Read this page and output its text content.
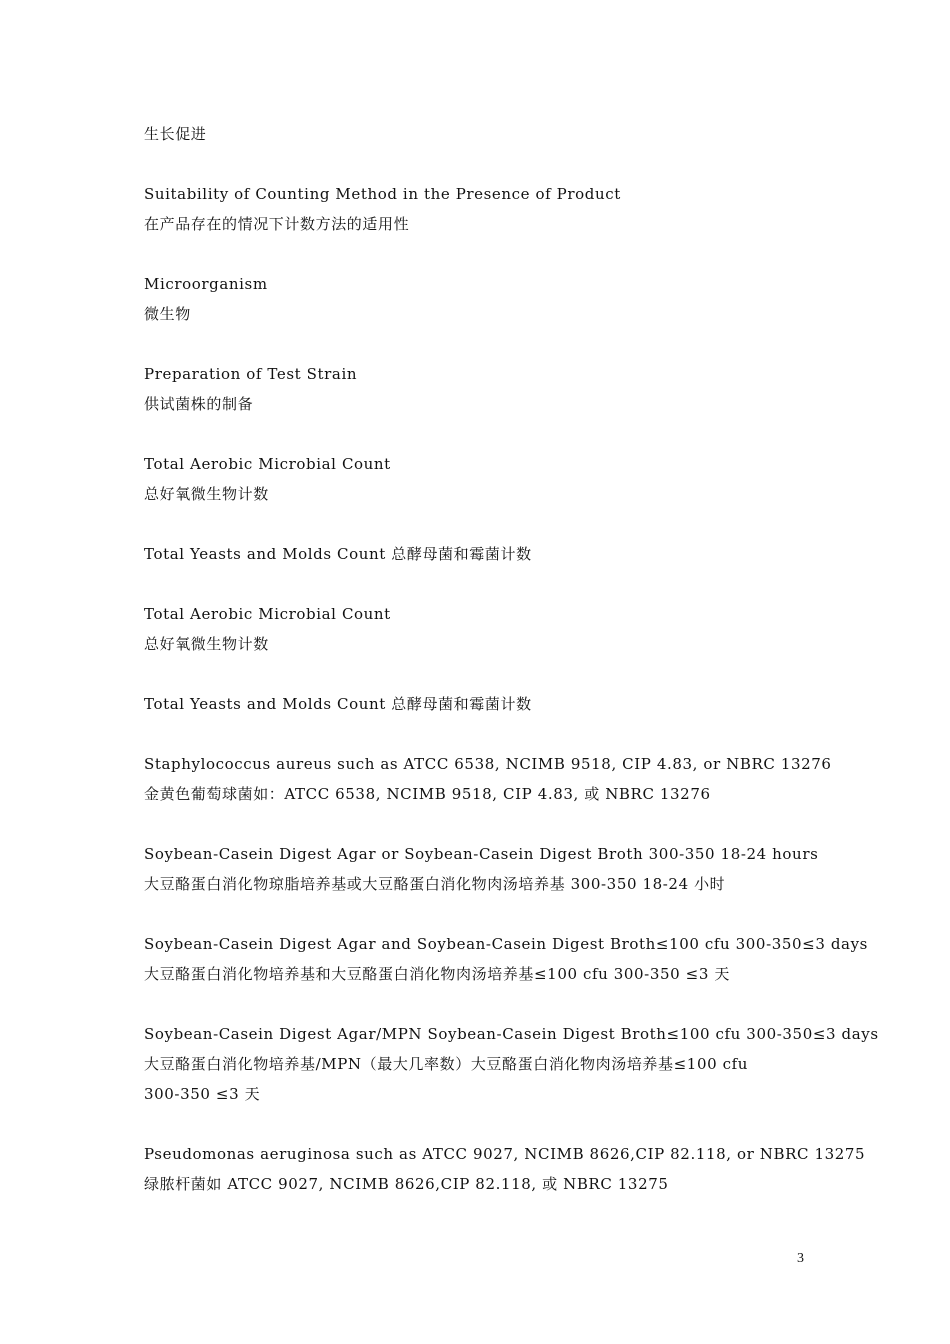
生长促进
Suitability of Counting Method in the Presence of Product
在产品存在的情况下计数方法的适用性
Microorganism
微生物
Preparation of Test Strain
供试菌株的制备
Total Aerobic Microbial Count
总好氧微生物计数
Total Yeasts and Molds Count 总酵母菌和霉菌计数
Total Aerobic Microbial Count
总好氧微生物计数
Total Yeasts and Molds Count 总酵母菌和霉菌计数
Staphylococcus aureus such as ATCC 6538, NCIMB 9518, CIP 4.83, or NBRC 13276
金黄色葡萄球菌如：ATCC 6538, NCIMB 9518, CIP 4.83, 或 NBRC 13276
Soybean-Casein Digest Agar or Soybean-Casein Digest Broth 300-350 18-24 hours
大豆酪蛋白消化物琼脂培养基或大豆酪蛋白消化物肉汤培养基 300-350 18-24 小时
Soybean-Casein Digest Agar and Soybean-Casein Digest Broth≤100 cfu 300-350≤3 days
大豆酪蛋白消化物培养基和大豆酪蛋白消化物肉汤培养基≤100 cfu 300-350 ≤3 天
Soybean-Casein Digest Agar/MPN Soybean-Casein Digest Broth≤100 cfu 300-350≤3 days
大豆酪蛋白消化物培养基/MPN（最大几率数）大豆酪蛋白消化物肉汤培养基≤100 cfu
300-350 ≤3 天
Pseudomonas aeruginosa such as ATCC 9027, NCIMB 8626,CIP 82.118, or NBRC 13275
绿脓杆菌如 ATCC 9027, NCIMB 8626,CIP 82.118, 或 NBRC 13275
3
